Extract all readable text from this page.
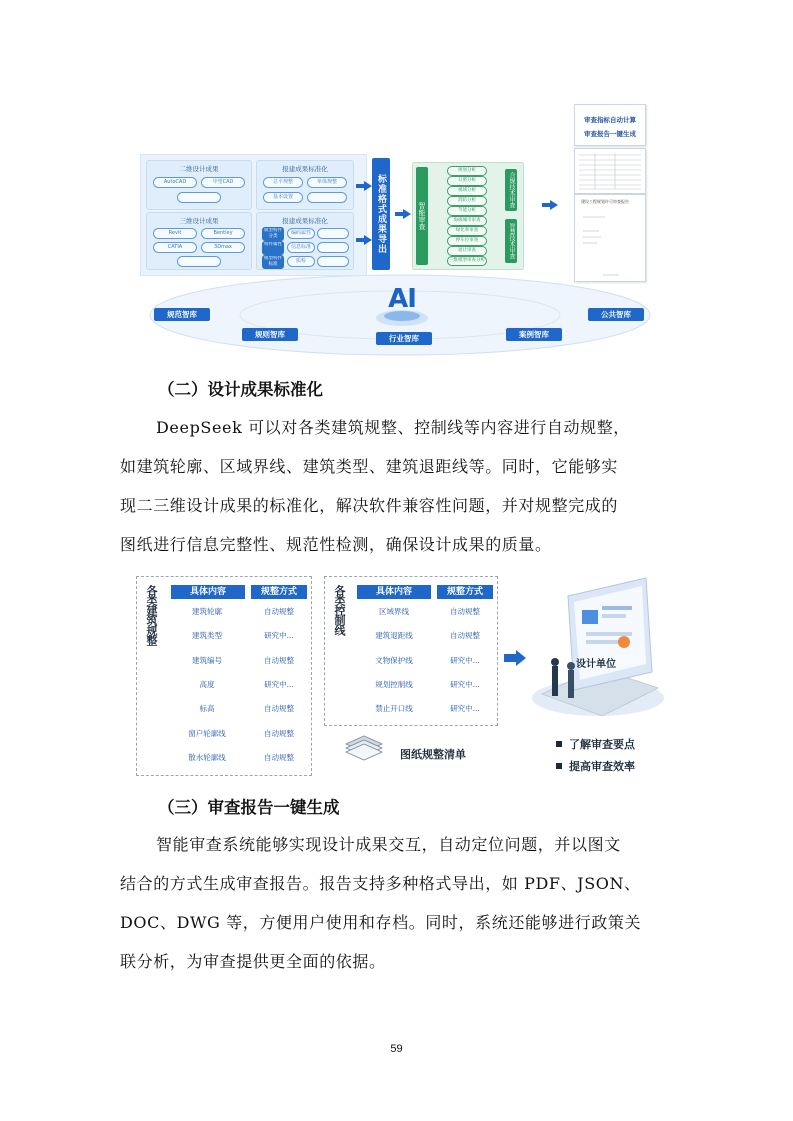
二维设计成果
AutoCAD	中望CAD
报建成果标准化
总平规整	单体规整
基本设置
三维设计成果
Revit	Bentley
CATIA	3Dmax
报建成果标准化
模型构件分类
编码属性
构件属性	信息标准
模型构件标准
质检
标准格式成果导出	智能审查
规划分析
日照分析
视域分析
消防分析
节能分析
海绵城市审查
绿化率审查
停车位审查
退让审查
三维模型审查分析
合规技术审查
智慧技术审查
审查指标自动计算
审查报告一键生成
建设工程规划许可审查报告
AI
规范智库
规则智库	行业智库	案例智库
公共智库
（二）设计成果标准化
DeepSeek 可以对各类建筑规整、控制线等内容进行自动规整，
如建筑轮廓、区域界线、建筑类型、建筑退距线等。同时，它能够实
现二三维设计成果的标准化，解决软件兼容性问题，并对规整完成的
图纸进行信息完整性、规范性检测，确保设计成果的质量。
各类建筑规整	具体内容	规整方式
建筑轮廓	自动规整
建筑类型	研究中...
建筑编号	自动规整
高度	研究中...
标高	自动规整
窗户轮廓线	自动规整
散水轮廓线	自动规整
各类控制线	具体内容	规整方式
区域界线	自动规整
建筑退距线	自动规整
文物保护线	研究中...
规划控制线	研究中...
禁止开口线	研究中...
图纸规整清单
设计单位
了解审查要点
提高审查效率
（三）审查报告一键生成
智能审查系统能够实现设计成果交互，自动定位问题，并以图文
结合的方式生成审查报告。报告支持多种格式导出，如 PDF、JSON、
DOC、DWG 等，方便用户使用和存档。同时，系统还能够进行政策关
联分析，为审查提供更全面的依据。
59
